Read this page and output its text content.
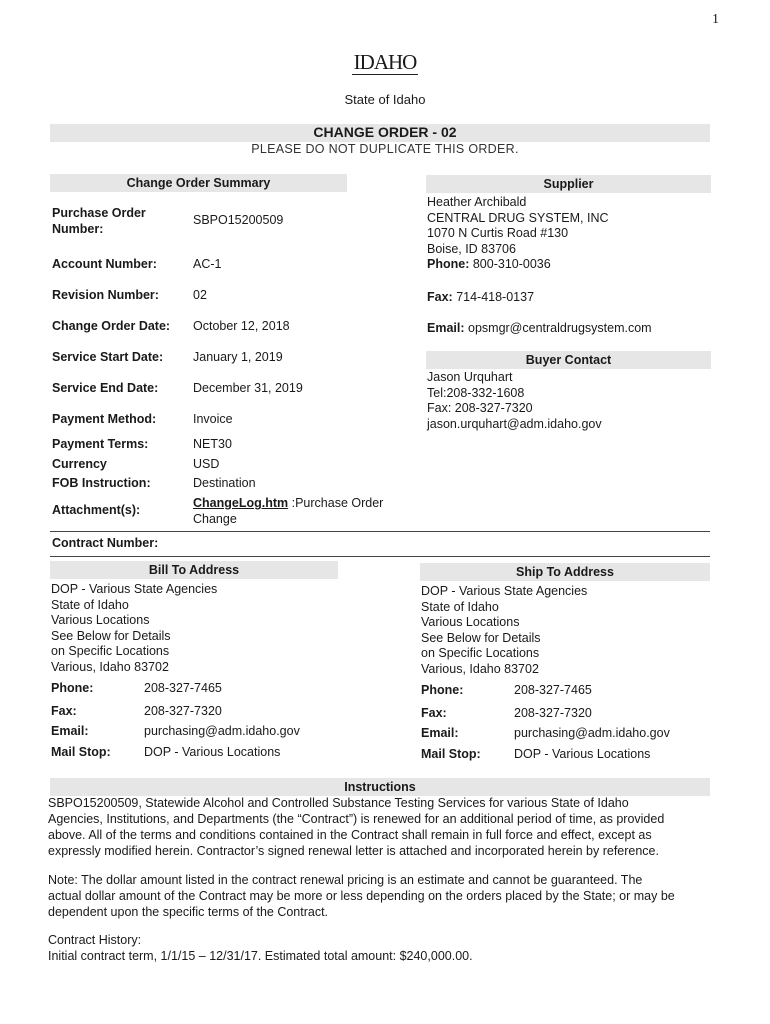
1
IDAHO
State of Idaho
CHANGE ORDER - 02
PLEASE DO NOT DUPLICATE THIS ORDER.
Change Order Summary
Purchase Order Number:
SBPO15200509
Account Number:	AC-1
Revision Number:	02
Change Order Date: October 12, 2018
Service Start Date: January 1, 2019
Service End Date:	December 31, 2019
Payment Method:	Invoice
Payment Terms:	NET30
Currency	USD
FOB Instruction:	Destination
Attachment(s):	ChangeLog.htm :Purchase Order
Change
Contract Number:
Supplier
Heather Archibald
CENTRAL DRUG SYSTEM, INC
1070 N Curtis Road #130
Boise, ID 83706
Phone: 800-310-0036
Fax: 714-418-0137
Email: opsmgr@centraldrugsystem.com
Buyer Contact
Jason Urquhart
Tel:208-332-1608
Fax: 208-327-7320
jason.urquhart@adm.idaho.gov
Bill To Address
DOP - Various State Agencies
State of Idaho
Various Locations
See Below for Details
on Specific Locations
Various, Idaho 83702
Phone:	208-327-7465
Fax:	208-327-7320
Email:	purchasing@adm.idaho.gov
Mail Stop:	DOP - Various Locations
Ship To Address
DOP - Various State Agencies
State of Idaho
Various Locations
See Below for Details
on Specific Locations
Various, Idaho 83702
Phone:	208-327-7465
Fax:	208-327-7320
Email:	purchasing@adm.idaho.gov
Mail Stop:	DOP - Various Locations
Instructions
SBPO15200509, Statewide Alcohol and Controlled Substance Testing Services for various State of Idaho
Agencies, Institutions, and Departments (the “Contract”) is renewed for an additional period of time, as provided
above. All of the terms and conditions contained in the Contract shall remain in full force and effect, except as
expressly modified herein. Contractor’s signed renewal letter is attached and incorporated herein by reference.
Note: The dollar amount listed in the contract renewal pricing is an estimate and cannot be guaranteed. The
actual dollar amount of the Contract may be more or less depending on the orders placed by the State; or may be
dependent upon the specific terms of the Contract.
Contract History:
Initial contract term, 1/1/15 – 12/31/17. Estimated total amount: $240,000.00.
